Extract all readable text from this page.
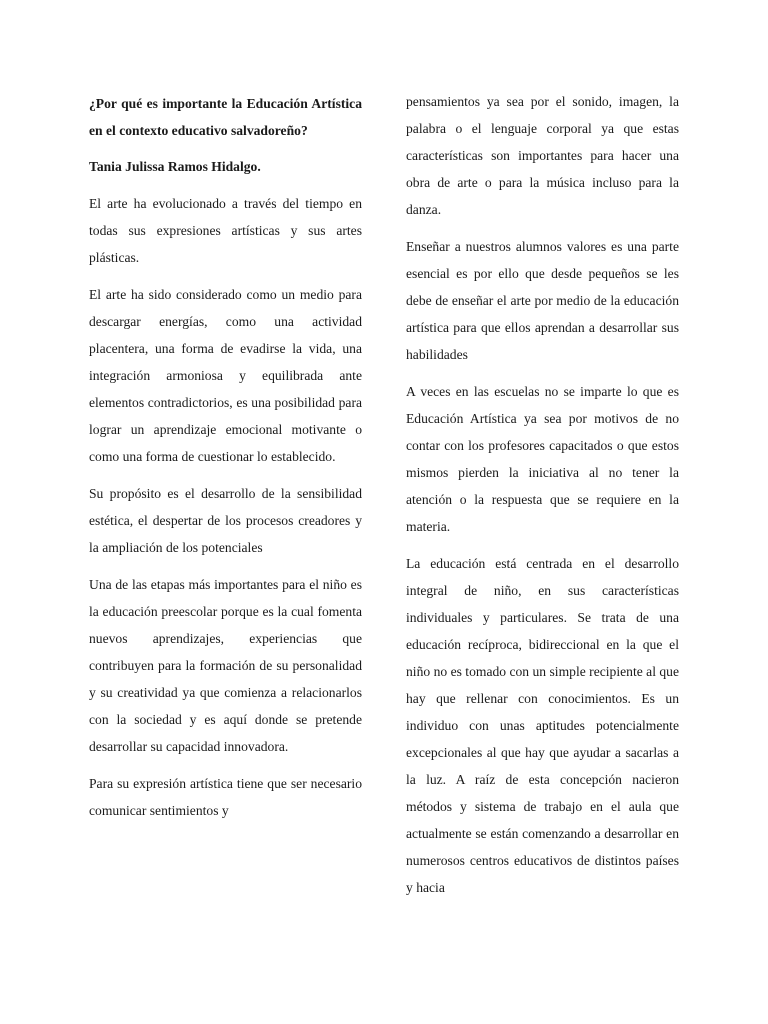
¿Por qué es importante la Educación Artística en el contexto educativo salvadoreño?

Tania Julissa Ramos Hidalgo.

El arte ha evolucionado a través del tiempo en todas sus expresiones artísticas y sus artes plásticas.

El arte ha sido considerado como un medio para descargar energías, como una actividad placentera, una forma de evadirse la vida, una integración armoniosa y equilibrada ante elementos contradictorios, es una posibilidad para lograr un aprendizaje emocional motivante o como una forma de cuestionar lo establecido.

Su propósito es el desarrollo de la sensibilidad estética, el despertar de los procesos creadores y la ampliación de los potenciales

Una de las etapas más importantes para el niño es la educación preescolar porque es la cual fomenta nuevos aprendizajes, experiencias que contribuyen para la formación de su personalidad y su creatividad ya que comienza a relacionarlos con la sociedad y es aquí donde se pretende desarrollar su capacidad innovadora.

Para su expresión artística tiene que ser necesario comunicar sentimientos y

pensamientos ya sea por el sonido, imagen, la palabra o el lenguaje corporal ya que estas características son importantes para hacer una obra de arte o para la música incluso para la danza.

Enseñar a nuestros alumnos valores es una parte esencial es por ello que desde pequeños se les debe de enseñar el arte por medio de la educación artística para que ellos aprendan a desarrollar sus habilidades

A veces en las escuelas no se imparte lo que es Educación Artística ya sea por motivos de no contar con los profesores capacitados o que estos mismos pierden la iniciativa al no tener la atención o la respuesta que se requiere en la materia.

La educación está centrada en el desarrollo integral de niño, en sus características individuales y particulares. Se trata de una educación recíproca, bidireccional en la que el niño no es tomado con un simple recipiente al que hay que rellenar con conocimientos. Es un individuo con unas aptitudes potencialmente excepcionales al que hay que ayudar a sacarlas a la luz. A raíz de esta concepción nacieron métodos y sistema de trabajo en el aula que actualmente se están comenzando a desarrollar en numerosos centros educativos de distintos países y hacia
